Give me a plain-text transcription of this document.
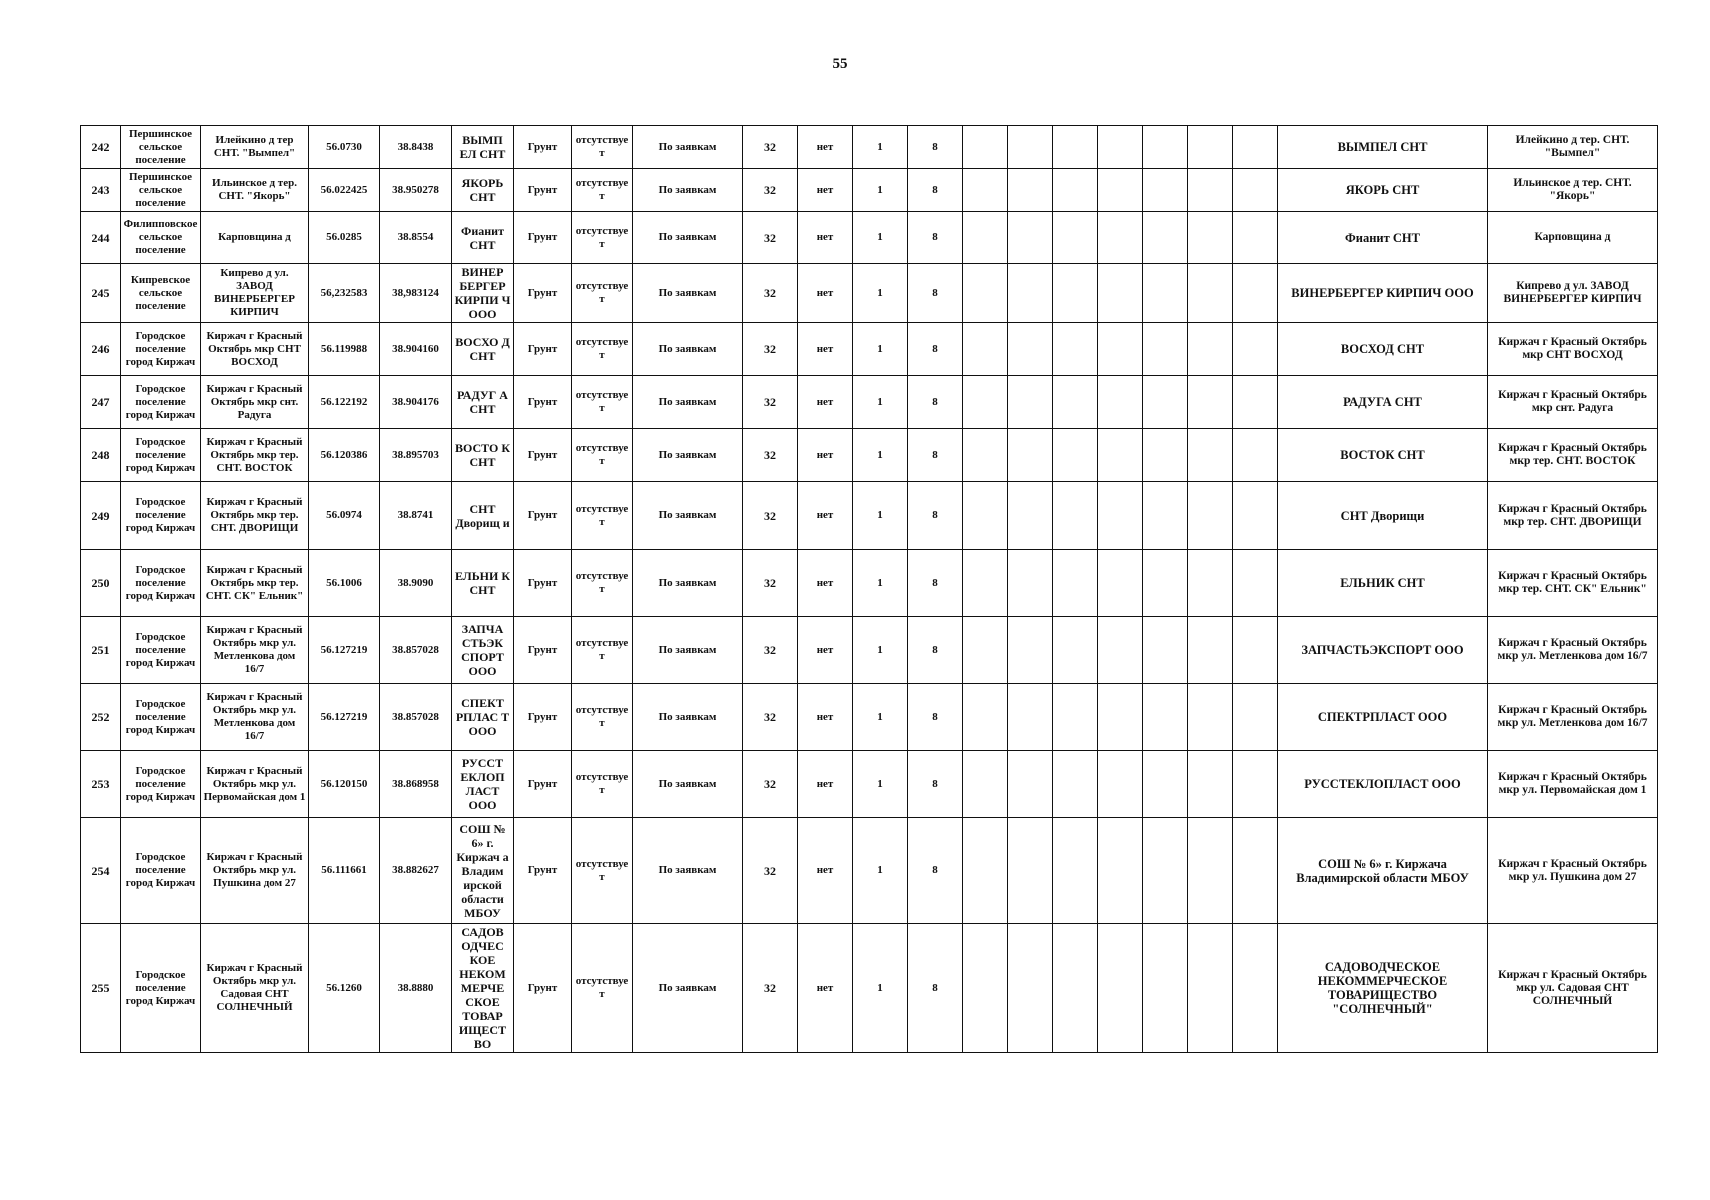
55
242	Першинское сельское поселение	Илейкино д тер СНТ. "Вымпел"	56.0730	38.8438	ВЫМП ЕЛ СНТ	Грунт	отсутствует	По заявкам	32	нет	1	8								ВЫМПЕЛ СНТ	Илейкино д тер. СНТ. "Вымпел"
243	Першинское сельское поселение	Ильинское д тер. СНТ. "Якорь"	56.022425	38.950278	ЯКОРЬ СНТ	Грунт	отсутствует	По заявкам	32	нет	1	8								ЯКОРЬ СНТ	Ильинское д тер. СНТ. "Якорь"
244	Филипповское сельское поселение	Карповщина д	56.0285	38.8554	Фианит СНТ	Грунт	отсутствует	По заявкам	32	нет	1	8								Фианит СНТ	Карповщина д
245	Кипревское сельское поселение	Кипрево д ул. ЗАВОД ВИНЕРБЕРГЕР КИРПИЧ	56,232583	38,983124	ВИНЕР БЕРГЕР КИРПИ Ч ООО	Грунт	отсутствует	По заявкам	32	нет	1	8								ВИНЕРБЕРГЕР КИРПИЧ ООО	Кипрево д ул. ЗАВОД ВИНЕРБЕРГЕР КИРПИЧ
246	Городское поселение город Киржач	Киржач г Красный Октябрь мкр СНТ ВОСХОД	56.119988	38.904160	ВОСХО Д СНТ	Грунт	отсутствует	По заявкам	32	нет	1	8								ВОСХОД СНТ	Киржач г Красный Октябрь мкр СНТ ВОСХОД
247	Городское поселение город Киржач	Киржач г Красный Октябрь мкр снт. Радуга	56.122192	38.904176	РАДУГ А СНТ	Грунт	отсутствует	По заявкам	32	нет	1	8								РАДУГА СНТ	Киржач г Красный Октябрь мкр снт. Радуга
248	Городское поселение город Киржач	Киржач г Красный Октябрь мкр тер. СНТ. ВОСТОК	56.120386	38.895703	ВОСТО К СНТ	Грунт	отсутствует	По заявкам	32	нет	1	8								ВОСТОК СНТ	Киржач г Красный Октябрь мкр тер. СНТ. ВОСТОК
249	Городское поселение город Киржач	Киржач г Красный Октябрь мкр тер. СНТ. ДВОРИЩИ	56.0974	38.8741	СНТ Дворищ и	Грунт	отсутствует	По заявкам	32	нет	1	8								СНТ Дворищи	Киржач г Красный Октябрь мкр тер. СНТ. ДВОРИЩИ
250	Городское поселение город Киржач	Киржач г Красный Октябрь мкр тер. СНТ. СК" Ельник"	56.1006	38.9090	ЕЛЬНИ К СНТ	Грунт	отсутствует	По заявкам	32	нет	1	8								ЕЛЬНИК СНТ	Киржач г Красный Октябрь мкр тер. СНТ. СК" Ельник"
251	Городское поселение город Киржач	Киржач г Красный Октябрь мкр ул. Метленкова дом 16/7	56.127219	38.857028	ЗАПЧА СТЬЭК СПОРТ ООО	Грунт	отсутствует	По заявкам	32	нет	1	8								ЗАПЧАСТЬЭКСПОРТ ООО	Киржач г Красный Октябрь мкр ул. Метленкова дом 16/7
252	Городское поселение город Киржач	Киржач г Красный Октябрь мкр ул. Метленкова дом 16/7	56.127219	38.857028	СПЕКТ РПЛАС Т ООО	Грунт	отсутствует	По заявкам	32	нет	1	8								СПЕКТРПЛАСТ ООО	Киржач г Красный Октябрь мкр ул. Метленкова дом 16/7
253	Городское поселение город Киржач	Киржач г Красный Октябрь мкр ул. Первомайская дом 1	56.120150	38.868958	РУССТ ЕКЛОП ЛАСТ ООО	Грунт	отсутствует	По заявкам	32	нет	1	8								РУССТЕКЛОПЛАСТ ООО	Киржач г Красный Октябрь мкр ул. Первомайская дом 1
254	Городское поселение город Киржач	Киржач г Красный Октябрь мкр ул. Пушкина дом 27	56.111661	38.882627	СОШ № 6» г. Киржач а Владим ирской области МБОУ	Грунт	отсутствует	По заявкам	32	нет	1	8								СОШ № 6» г. Киржача Владимирской области МБОУ	Киржач г Красный Октябрь мкр ул. Пушкина дом 27
255	Городское поселение город Киржач	Киржач г Красный Октябрь мкр ул. Садовая СНТ СОЛНЕЧНЫЙ	56.1260	38.8880	САДОВ ОДЧЕС КОЕ НЕКОМ МЕРЧЕ СКОЕ ТОВАР ИЩЕСТ ВО	Грунт	отсутствует	По заявкам	32	нет	1	8								САДОВОДЧЕСКОЕ НЕКОММЕРЧЕСКОЕ ТОВАРИЩЕСТВО "СОЛНЕЧНЫЙ"	Киржач г Красный Октябрь мкр ул. Садовая СНТ СОЛНЕЧНЫЙ
